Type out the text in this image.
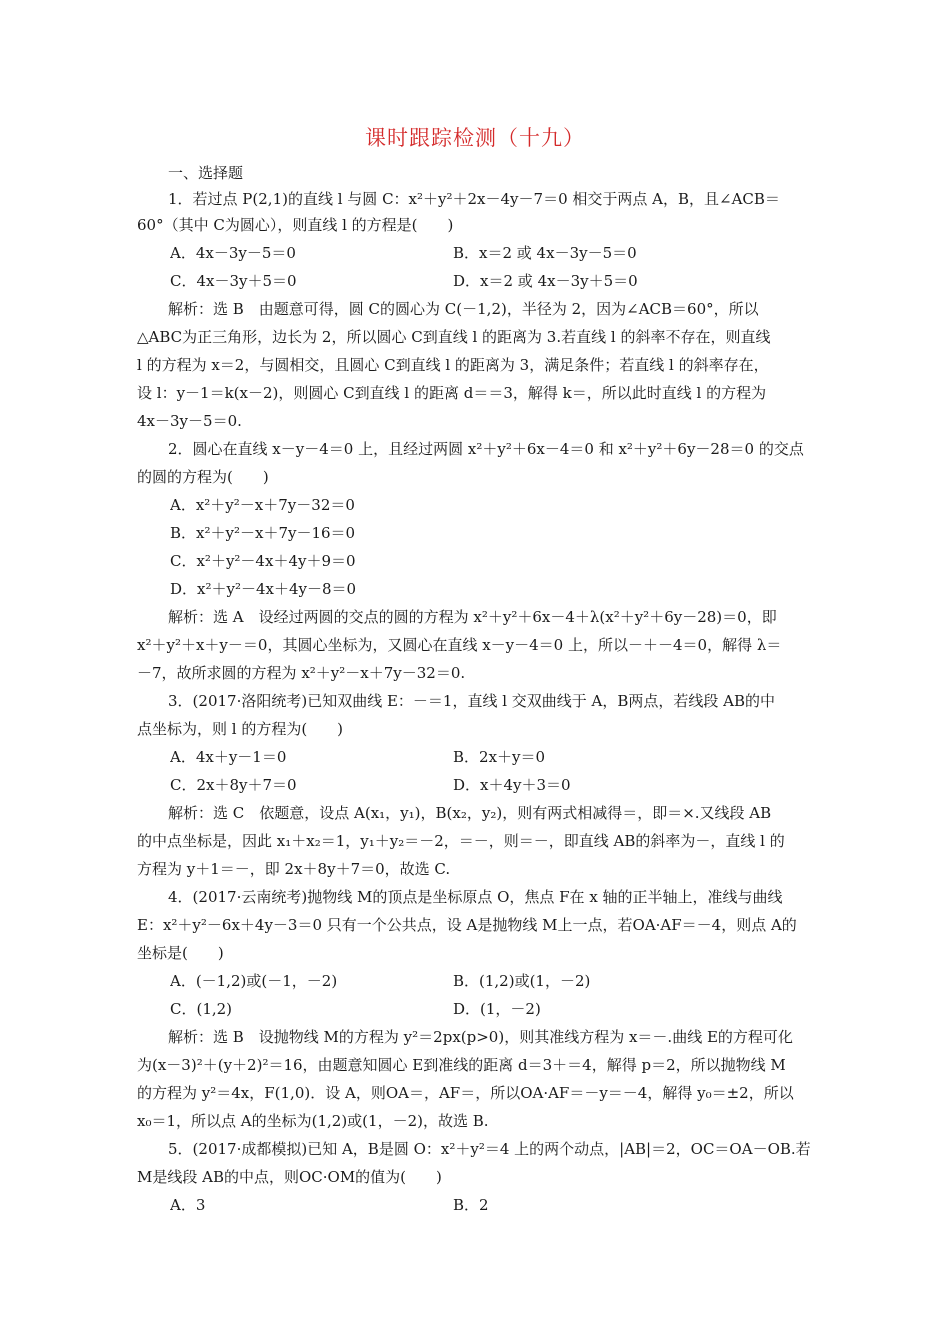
课时跟踪检测（十九）
一、选择题
1．若过点 P(2,1)的直线 l 与圆 C：x²＋y²＋2x－4y－7＝0 相交于两点 A，B，且∠ACB＝
60°（其中 C为圆心），则直线 l 的方程是(　　)
A．4x－3y－5＝0	B．x＝2 或 4x－3y－5＝0
C．4x－3y＋5＝0	D．x＝2 或 4x－3y＋5＝0
解析：选 B　由题意可得，圆 C的圆心为 C(－1,2)，半径为 2，因为∠ACB＝60°，所以
△ABC为正三角形，边长为 2，所以圆心 C到直线 l 的距离为 3.若直线 l 的斜率不存在，则直线
l 的方程为 x＝2，与圆相交，且圆心 C到直线 l 的距离为 3，满足条件；若直线 l 的斜率存在，
设 l：y－1＝k(x－2)，则圆心 C到直线 l 的距离 d＝＝3，解得 k＝，所以此时直线 l 的方程为
4x－3y－5＝0.
2．圆心在直线 x－y－4＝0 上，且经过两圆 x²＋y²＋6x－4＝0 和 x²＋y²＋6y－28＝0 的交点
的圆的方程为(　　)
A．x²＋y²－x＋7y－32＝0
B．x²＋y²－x＋7y－16＝0
C．x²＋y²－4x＋4y＋9＝0
D．x²＋y²－4x＋4y－8＝0
解析：选 A　设经过两圆的交点的圆的方程为 x²＋y²＋6x－4＋λ(x²＋y²＋6y－28)＝0，即
x²＋y²＋x＋y－＝0，其圆心坐标为，又圆心在直线 x－y－4＝0 上，所以－＋－4＝0，解得 λ＝
－7，故所求圆的方程为 x²＋y²－x＋7y－32＝0.
3．(2017·洛阳统考)已知双曲线 E：－＝1，直线 l 交双曲线于 A，B两点，若线段 AB的中
点坐标为，则 l 的方程为(　　)
A．4x＋y－1＝0	B．2x＋y＝0
C．2x＋8y＋7＝0	D．x＋4y＋3＝0
解析：选 C　依题意，设点 A(x₁，y₁)，B(x₂，y₂)，则有两式相减得＝，即＝×.又线段 AB
的中点坐标是，因此 x₁＋x₂＝1，y₁＋y₂＝－2，＝－，则＝－，即直线 AB的斜率为－，直线 l 的
方程为 y＋1＝－，即 2x＋8y＋7＝0，故选 C.
4．(2017·云南统考)抛物线 M的顶点是坐标原点 O，焦点 F在 x 轴的正半轴上，准线与曲线
E：x²＋y²－6x＋4y－3＝0 只有一个公共点，设 A是抛物线 M上一点，若OA·AF＝－4，则点 A的
坐标是(　　)
A．(－1,2)或(－1，－2)	B．(1,2)或(1，－2)
C．(1,2)	D．(1，－2)
解析：选 B　设抛物线 M的方程为 y²＝2px(p>0)，则其准线方程为 x＝－.曲线 E的方程可化
为(x－3)²＋(y＋2)²＝16，由题意知圆心 E到准线的距离 d＝3＋＝4，解得 p＝2，所以抛物线 M
的方程为 y²＝4x，F(1,0)．设 A，则OA＝，AF＝，所以OA·AF＝－y＝－4，解得 y₀＝±2，所以
x₀＝1，所以点 A的坐标为(1,2)或(1，－2)，故选 B.
5．(2017·成都模拟)已知 A，B是圆 O：x²＋y²＝4 上的两个动点，|AB|＝2，OC＝OA－OB.若
M是线段 AB的中点，则OC·OM的值为(　　)
A．3	B．2
